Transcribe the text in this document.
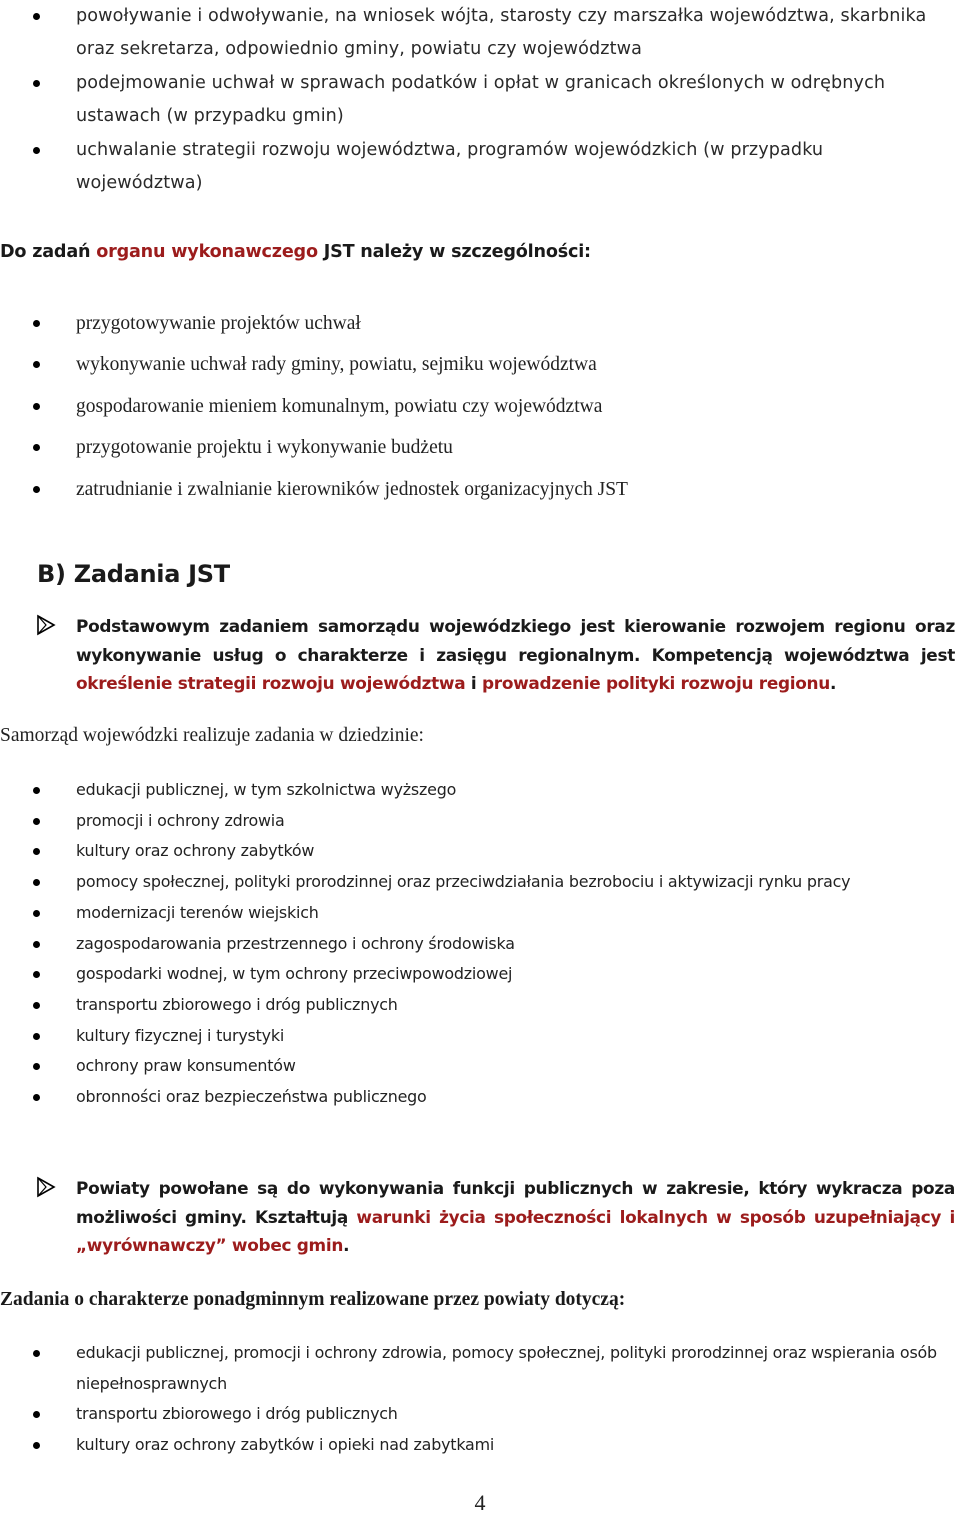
powoływanie i odwoływanie, na wniosek wójta, starosty czy marszałka województwa, skarbnika oraz sekretarza, odpowiednio gminy, powiatu czy województwa
podejmowanie uchwał w sprawach podatków i opłat w granicach określonych w odrębnych ustawach (w przypadku gmin)
uchwalanie strategii rozwoju województwa, programów wojewódzkich (w przypadku województwa)
Do zadań organu wykonawczego JST należy w szczególności:
przygotowywanie projektów uchwał
wykonywanie uchwał rady gminy, powiatu, sejmiku województwa
gospodarowanie mieniem komunalnym, powiatu czy województwa
przygotowanie projektu i wykonywanie budżetu
zatrudnianie i zwalnianie kierowników jednostek organizacyjnych JST
B) Zadania JST

Podstawowym zadaniem samorządu wojewódzkiego jest kierowanie rozwojem regionu oraz wykonywanie usług o charakterze i zasięgu regionalnym. Kompetencją województwa jest określenie strategii rozwoju województwa i prowadzenie polityki rozwoju regionu.

Samorząd wojewódzki realizuje zadania w dziedzinie:

edukacji publicznej, w tym szkolnictwa wyższego
promocji i ochrony zdrowia
kultury oraz ochrony zabytków
pomocy społecznej, polityki prorodzinnej oraz przeciwdziałania bezrobociu i aktywizacji rynku pracy
modernizacji terenów wiejskich
zagospodarowania przestrzennego i ochrony środowiska
gospodarki wodnej, w tym ochrony przeciwpowodziowej
transportu zbiorowego i dróg publicznych
kultury fizycznej i turystyki
ochrony praw konsumentów
obronności oraz bezpieczeństwa publicznego

Powiaty powołane są do wykonywania funkcji publicznych w zakresie, który wykracza poza możliwości gminy. Kształtują warunki życia społeczności lokalnych w sposób uzupełniający i „wyrównawczy” wobec gmin.

Zadania o charakterze ponadgminnym realizowane przez powiaty dotyczą:
edukacji publicznej, promocji i ochrony zdrowia, pomocy społecznej, polityki prorodzinnej oraz wspierania osób niepełnosprawnych
transportu zbiorowego i dróg publicznych
kultury oraz ochrony zabytków i opieki nad zabytkami
4
